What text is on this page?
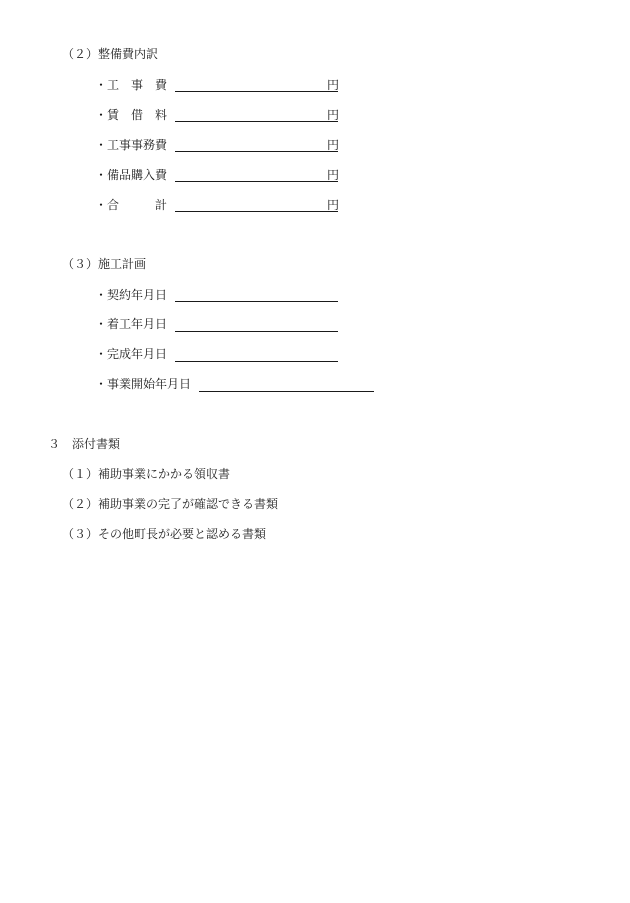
（２）整備費内訳
・工　事　費	円
・賃　借　料	円
・工事事務費	円
・備品購入費	円
・合　　　計	円
（３）施工計画
・契約年月日
・着工年月日
・完成年月日
・事業開始年月日
３　添付書類
（１）補助事業にかかる領収書
（２）補助事業の完了が確認できる書類
（３）その他町長が必要と認める書類
